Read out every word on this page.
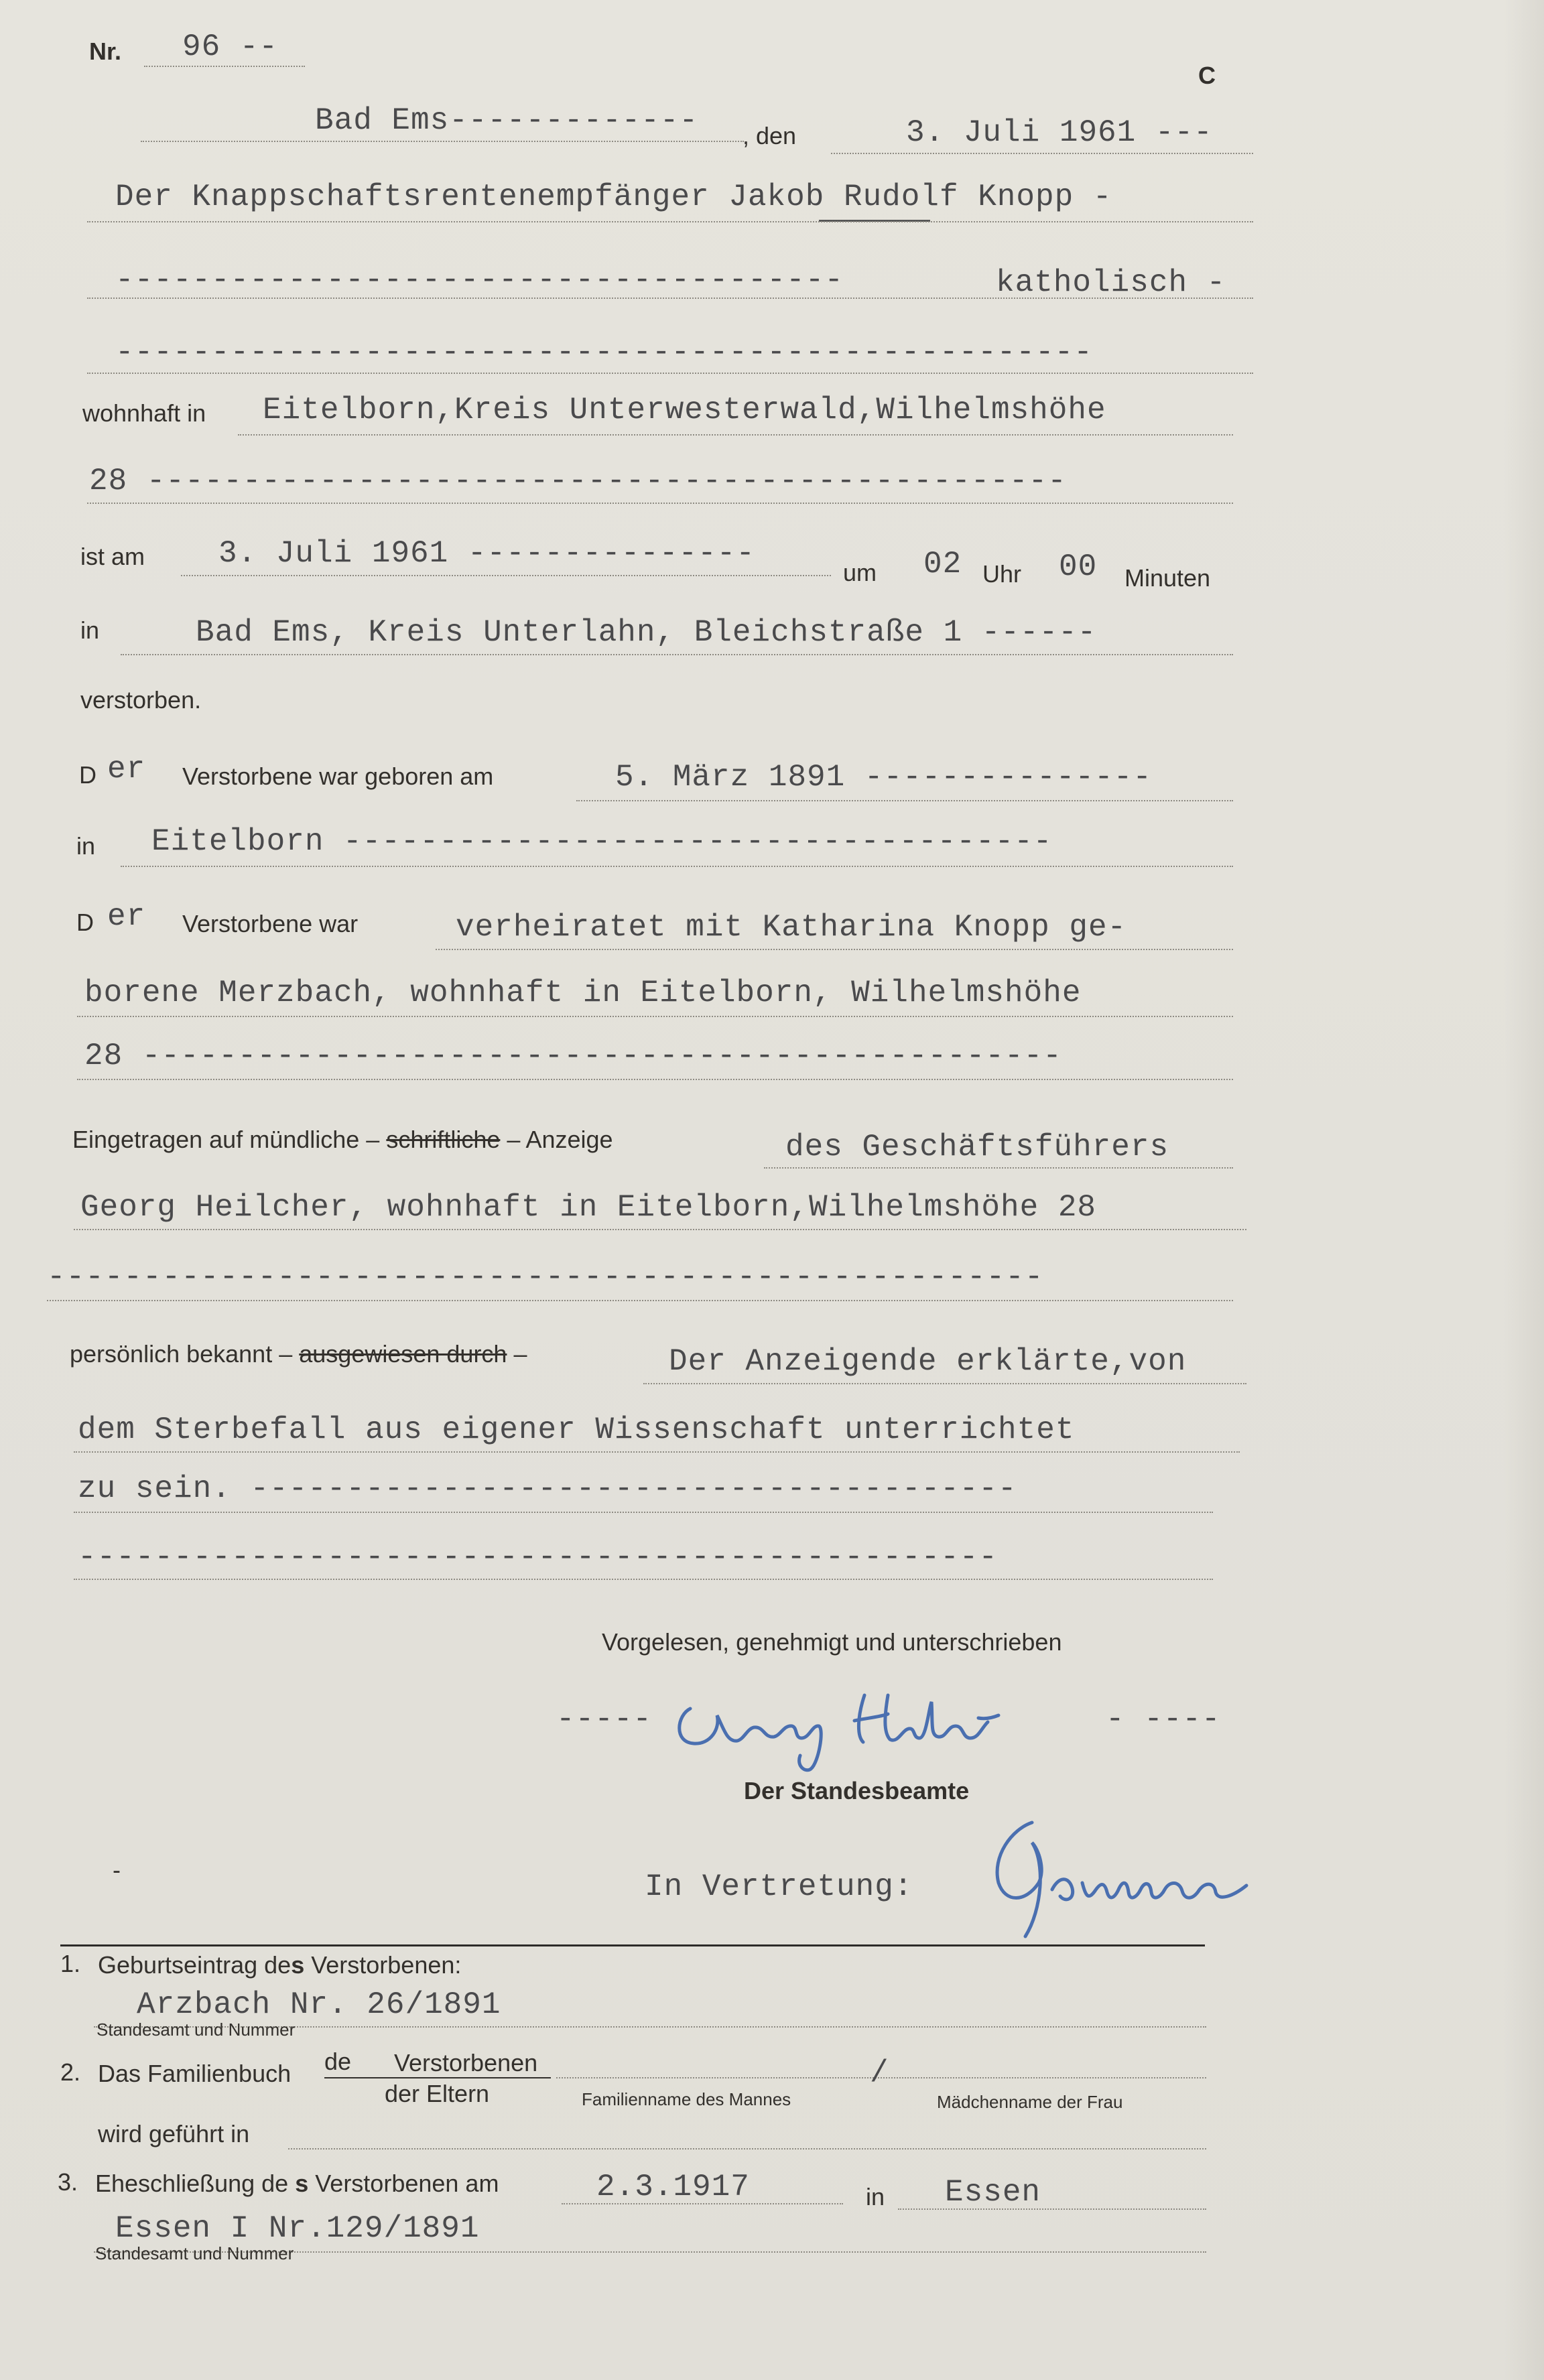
Nr. 96 --
C
Bad Ems------------- , den	3. Juli 1961 ---
Der Knappschaftsrentenempfänger Jakob Rudolf Knopp -
--------------------------------------	katholisch -
---------------------------------------------------
wohnhaft in Eitelborn,Kreis Unterwesterwald,Wilhelmshöhe
28 ------------------------------------------------
ist am 3. Juli 1961 ---------------
um 02 Uhr 00 Minuten
in	Bad Ems, Kreis Unterlahn, Bleichstraße 1 ------
verstorben.
D er Verstorbene war geboren am	5. März 1891 ---------------
in Eitelborn -------------------------------------
D er Verstorbene war	verheiratet mit Katharina Knopp ge-
borene Merzbach, wohnhaft in Eitelborn, Wilhelmshöhe
28 ------------------------------------------------
Eingetragen auf mündliche – schriftliche – Anzeige	des Geschäftsführers
Georg Heilcher, wohnhaft in Eitelborn,Wilhelmshöhe 28
----------------------------------------------------
persönlich bekannt – ausgewiesen durch –	Der Anzeigende erklärte,von
dem Sterbefall aus eigener Wissenschaft unterrichtet
zu sein. ----------------------------------------
------------------------------------------------
Vorgelesen, genehmigt und unterschrieben
-----	- ----
Der Standesbeamte
-	In Vertretung:
1. Geburtseintrag des Verstorbenen:
Arzbach Nr. 26/1891
Standesamt und Nummer
2. Das Familienbuch de Verstorbenen
der Eltern	Familienname des Mannes
/
Mädchenname der Frau
wird geführt in
3. Eheschließung de s Verstorbenen am	2.3.1917	in Essen
Essen I Nr.129/1891
Standesamt und Nummer
